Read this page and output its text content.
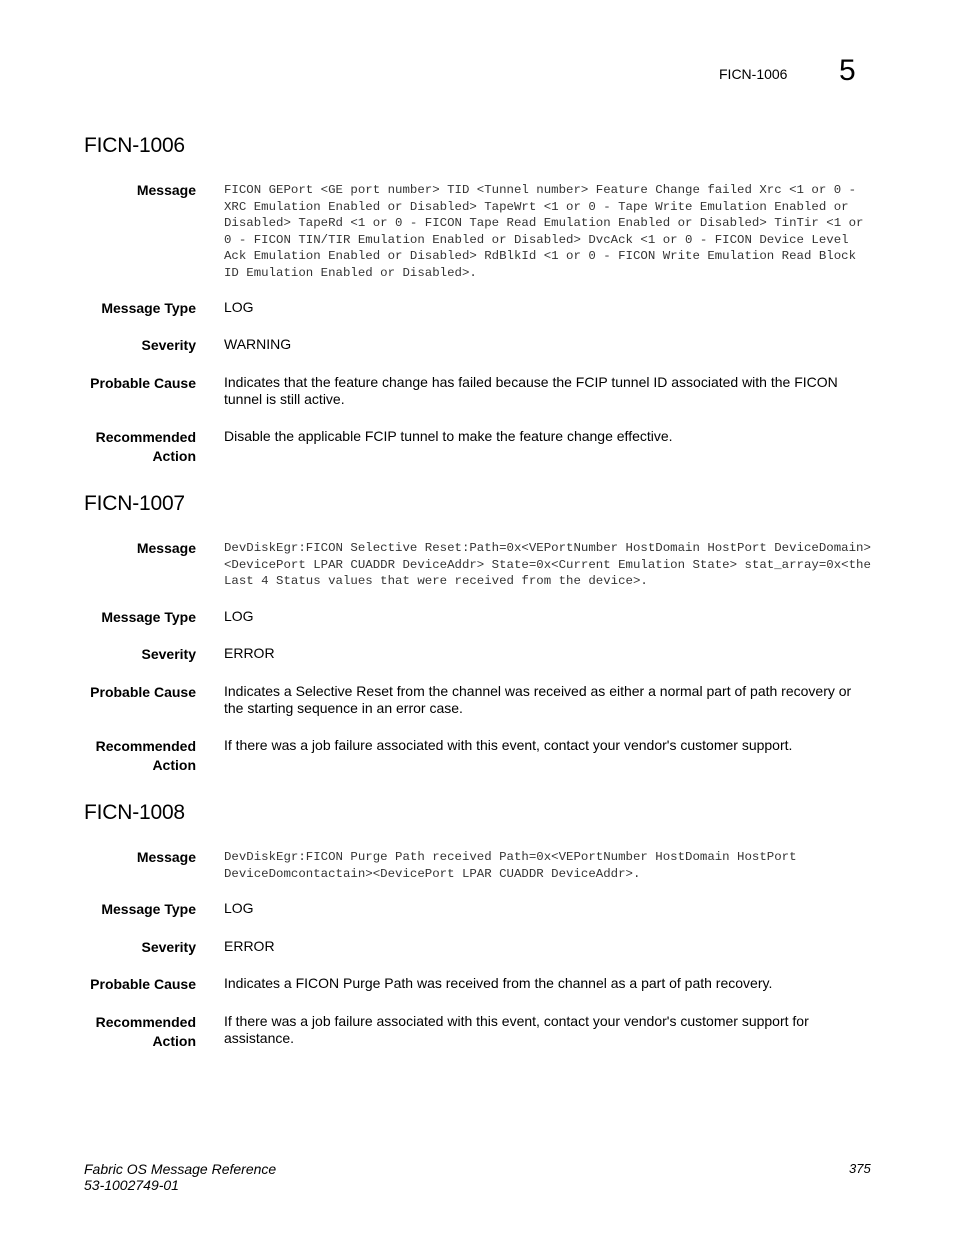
FICN-1006 5
FICN-1006
Message FICON GEPort <GE port number> TID <Tunnel number> Feature Change failed Xrc <1 or 0 - XRC Emulation Enabled or Disabled> TapeWrt <1 or 0 - Tape Write Emulation Enabled or Disabled> TapeRd <1 or 0 - FICON Tape Read Emulation Enabled or Disabled> TinTir <1 or 0 - FICON TIN/TIR Emulation Enabled or Disabled> DvcAck <1 or 0 - FICON Device Level Ack Emulation Enabled or Disabled> RdBlkId <1 or 0 - FICON Write Emulation Read Block ID Emulation Enabled or Disabled>.
Message Type LOG
Severity WARNING
Probable Cause Indicates that the feature change has failed because the FCIP tunnel ID associated with the FICON tunnel is still active.
Recommended
Action
Disable the applicable FCIP tunnel to make the feature change effective.
FICN-1007
Message DevDiskEgr:FICON Selective Reset:Path=0x<VEPortNumber HostDomain HostPort DeviceDomain><DevicePort LPAR CUADDR DeviceAddr> State=0x<Current Emulation State> stat_array=0x<the Last 4 Status values that were received from the device>.
Message Type LOG
Severity ERROR
Probable Cause Indicates a Selective Reset from the channel was received as either a normal part of path recovery or the starting sequence in an error case.
Recommended
Action
If there was a job failure associated with this event, contact your vendor's customer support.
FICN-1008
Message DevDiskEgr:FICON Purge Path received Path=0x<VEPortNumber HostDomain HostPort DeviceDomcontactain><DevicePort LPAR CUADDR DeviceAddr>.
Message Type LOG
Severity ERROR
Probable Cause Indicates a FICON Purge Path was received from the channel as a part of path recovery.
Recommended
Action
If there was a job failure associated with this event, contact your vendor's customer support for assistance.
Fabric OS Message Reference
53-1002749-01
375
